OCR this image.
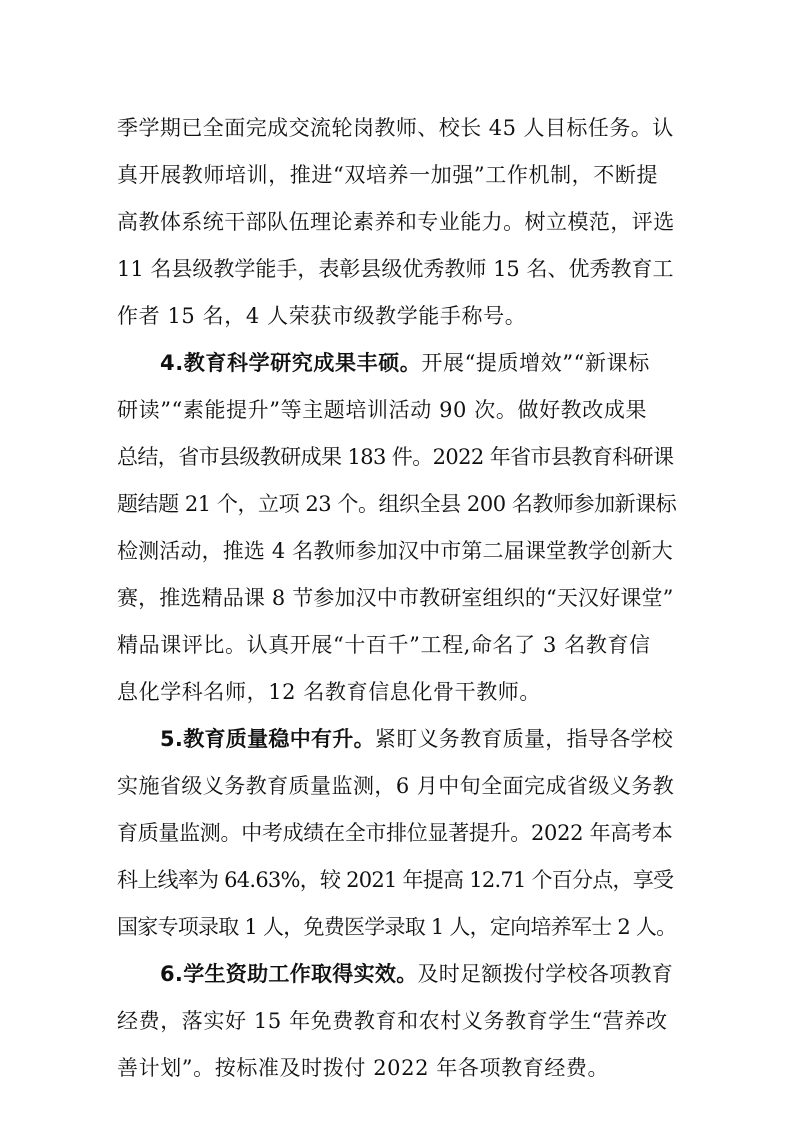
季学期已全面完成交流轮岗教师、校长 45 人目标任务。认
真开展教师培训，推进“双培养一加强”工作机制，不断提
高教体系统干部队伍理论素养和专业能力。树立模范，评选
11 名县级教学能手，表彰县级优秀教师 15 名、优秀教育工
作者 15 名，4 人荣获市级教学能手称号。
4.教育科学研究成果丰硕。开展“提质增效”“新课标
研读”“素能提升”等主题培训活动 90 次。做好教改成果
总结，省市县级教研成果 183 件。2022 年省市县教育科研课
题结题 21 个，立项 23 个。组织全县 200 名教师参加新课标
检测活动，推选 4 名教师参加汉中市第二届课堂教学创新大
赛，推选精品课 8 节参加汉中市教研室组织的“天汉好课堂”
精品课评比。认真开展“十百千”工程,命名了 3 名教育信
息化学科名师，12 名教育信息化骨干教师。
5.教育质量稳中有升。紧盯义务教育质量，指导各学校
实施省级义务教育质量监测，6 月中旬全面完成省级义务教
育质量监测。中考成绩在全市排位显著提升。2022 年高考本
科上线率为 64.63%，较 2021 年提高 12.71 个百分点，享受
国家专项录取 1 人，免费医学录取 1 人，定向培养军士 2 人。
6.学生资助工作取得实效。及时足额拨付学校各项教育
经费，落实好 15 年免费教育和农村义务教育学生“营养改
善计划”。按标准及时拨付 2022 年各项教育经费。
